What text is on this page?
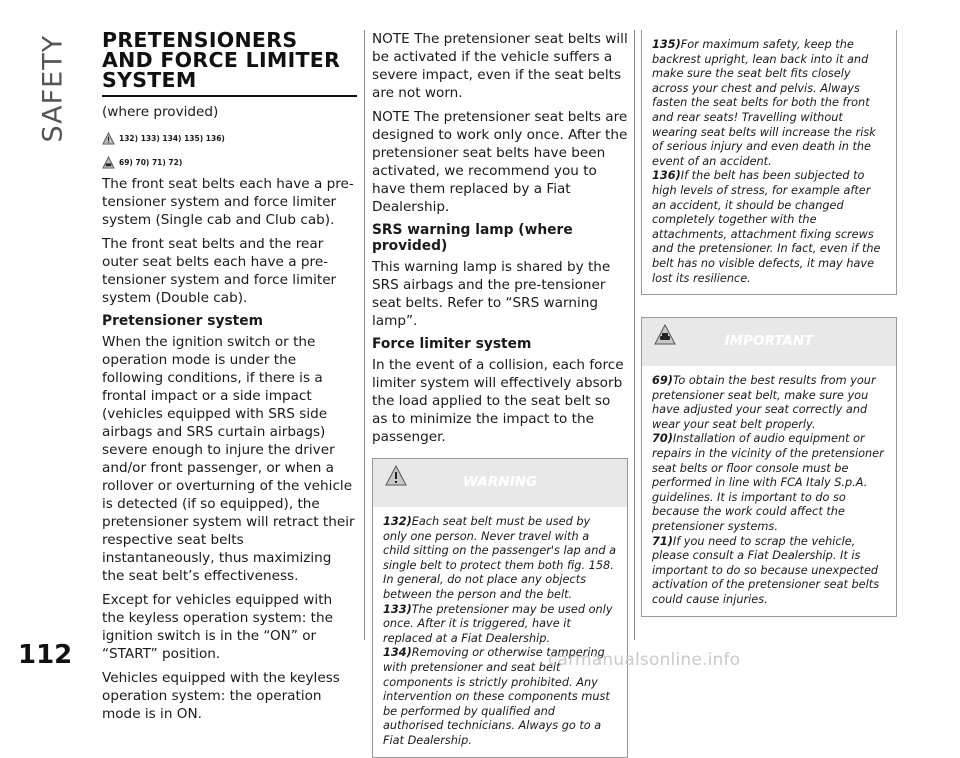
SAFETY PRETENSIONERS
AND FORCE LIMITER
SYSTEM

(where provided)

132) 133) 134) 135) 136)
69) 70) 71) 72)

The front seat belts each have a pre-tensioner system and force limiter system (Single cab and Club cab).

The front seat belts and the rear outer seat belts each have a pre-tensioner system and force limiter system (Double cab).

Pretensioner system

When the ignition switch or the operation mode is under the following conditions, if there is a frontal impact or a side impact (vehicles equipped with SRS side airbags and SRS curtain airbags) severe enough to injure the driver and/or front passenger, or when a rollover or overturning of the vehicle is detected (if so equipped), the pretensioner system will retract their respective seat belts instantaneously, thus maximizing the seat belt’s effectiveness.

Except for vehicles equipped with the keyless operation system: the ignition switch is in the “ON” or “START” position.

Vehicles equipped with the keyless operation system: the operation mode is in ON.

NOTE The pretensioner seat belts will be activated if the vehicle suffers a severe impact, even if the seat belts are not worn.

NOTE The pretensioner seat belts are designed to work only once. After the pretensioner seat belts have been activated, we recommend you to have them replaced by a Fiat Dealership.

SRS warning lamp (where provided)

This warning lamp is shared by the SRS airbags and the pre-tensioner seat belts. Refer to “SRS warning lamp”.

Force limiter system

In the event of a collision, each force limiter system will effectively absorb the load applied to the seat belt so as to minimize the impact to the passenger.

WARNING

132)Each seat belt must be used by only one person. Never travel with a child sitting on the passenger's lap and a single belt to protect them both fig. 158. In general, do not place any objects between the person and the belt.

133)The pretensioner may be used only once. After it is triggered, have it replaced at a Fiat Dealership.

134)Removing or otherwise tampering with pretensioner and seat belt components is strictly prohibited. Any intervention on these components must be performed by qualified and authorised technicians. Always go to a Fiat Dealership.

135)For maximum safety, keep the backrest upright, lean back into it and make sure the seat belt fits closely across your chest and pelvis. Always fasten the seat belts for both the front and rear seats! Travelling without wearing seat belts will increase the risk of serious injury and even death in the event of an accident.

136)If the belt has been subjected to high levels of stress, for example after an accident, it should be changed completely together with the attachments, attachment fixing screws and the pretensioner. In fact, even if the belt has no visible defects, it may have lost its resilience.

IMPORTANT

69)To obtain the best results from your pretensioner seat belt, make sure you have adjusted your seat correctly and wear your seat belt properly.

70)Installation of audio equipment or repairs in the vicinity of the pretensioner seat belts or floor console must be performed in line with FCA Italy S.p.A. guidelines. It is important to do so because the work could affect the pretensioner systems.

71)If you need to scrap the vehicle, please consult a Fiat Dealership. It is important to do so because unexpected activation of the pretensioner seat belts could cause injuries.

112	carmanualsonline.info
